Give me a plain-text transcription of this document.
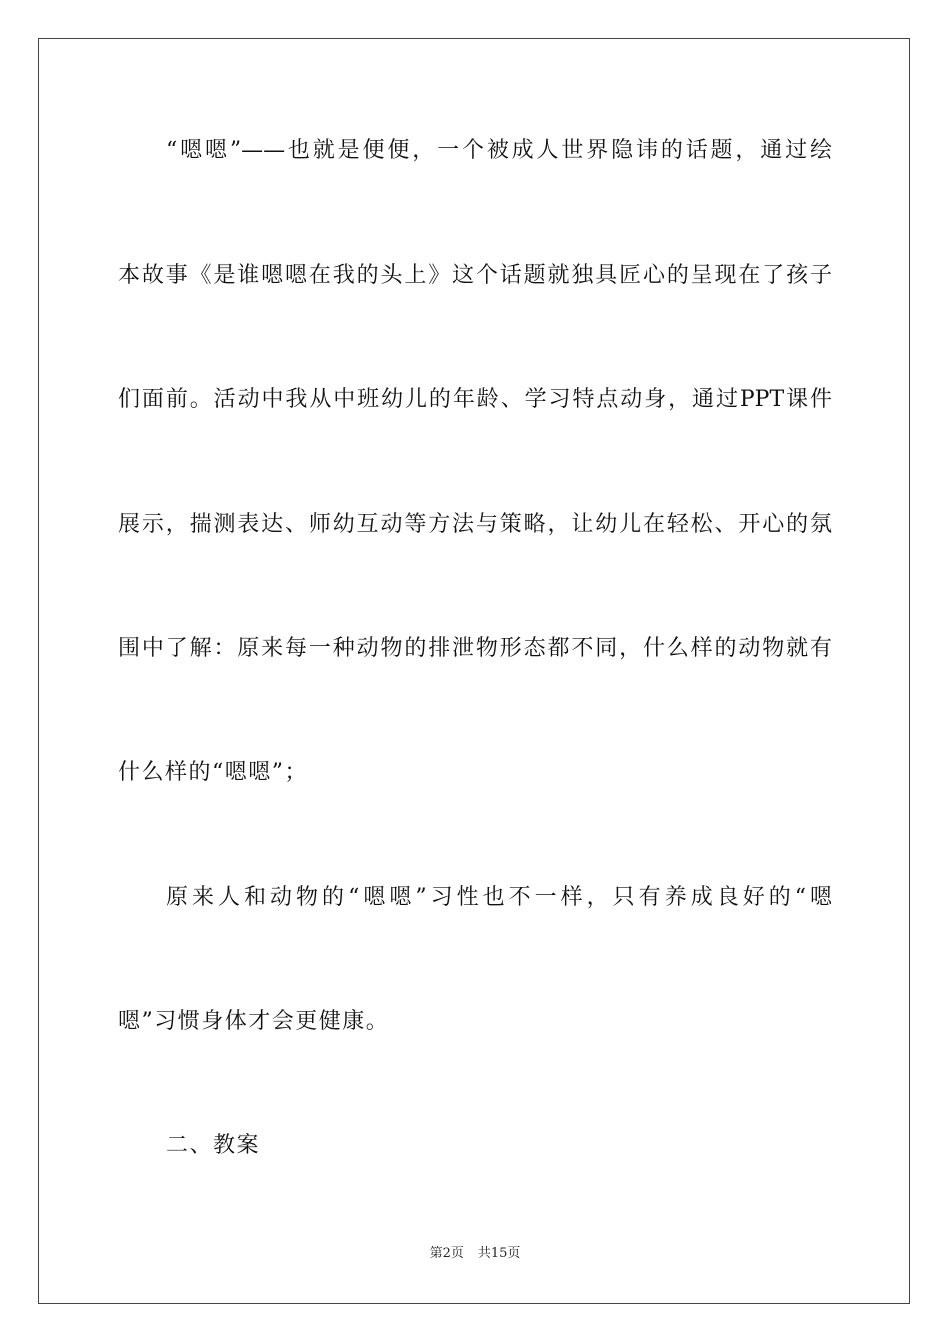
“嗯嗯”——也就是便便，一个被成人世界隐讳的话题，通过绘
本故事《是谁嗯嗯在我的头上》这个话题就独具匠心的呈现在了孩子
们面前。活动中我从中班幼儿的年龄、学习特点动身，通过PPT课件
展示，揣测表达、师幼互动等方法与策略，让幼儿在轻松、开心的氛
围中了解：原来每一种动物的排泄物形态都不同，什么样的动物就有
什么样的“嗯嗯”；
原来人和动物的“嗯嗯”习性也不一样，只有养成良好的“嗯
嗯”习惯身体才会更健康。
二、教案
第2页 共15页
